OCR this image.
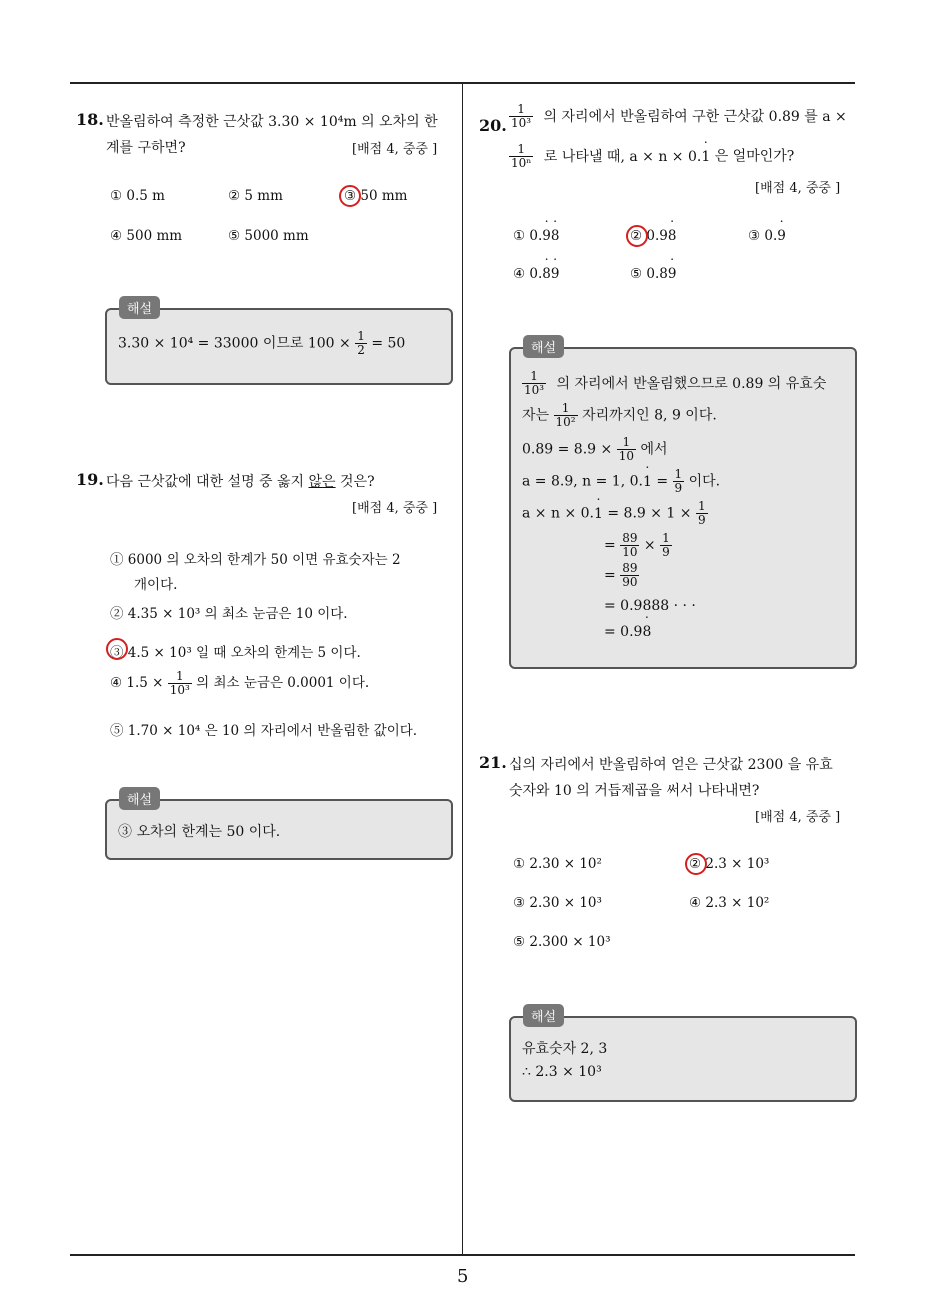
18. 반올림하여 측정한 근삿값 3.30 × 10⁴m 의 오차의 한
계를 구하면?	[배점 4, 중중 ]
① 0.5 m	② 5 mm	③ 50 mm
④ 500 mm	⑤ 5000 mm
해설
3.30 × 10⁴ = 33000 이므로 $100 \times \frac{1}{2} = 50$
19. 다음 근삿값에 대한 설명 중 옳지 않은 것은?
[배점 4, 중중 ]
① 6000 의 오차의 한계가 50 이면 유효숫자는 2
개이다.
② 4.35 × 10³ 의 최소 눈금은 10 이다.
③ 4.5 × 10³ 일 때 오차의 한계는 5 이다.
④ $1.5 \times \frac{1}{\text{10³}}$ 의 최소 눈금은 0.0001 이다.
⑤ 1.70 × 10⁴ 은 10 의 자리에서 반올림한 값이다.
해설
③ 오차의 한계는 50 이다.
20. $\frac{1}{\text{10³}}$ 의 자리에서 반올림하여 구한 근삿값 0.89 를 a ×
$\frac{1}{\text{10ⁿ}}$ 로 나타낼 때, a × n × 0.˙ 1 은 얼마인가?
[배점 4, 중중 ]
① 0.˙ 9˙ 8	② 0.9˙ 8	③ 0.˙ 9
④ 0.˙ 8˙ 9	⑤ 0.8˙ 9
해설
$\frac{1}{\text{10³}}$ 의 자리에서 반올림했으므로 0.89 의 유효숫
자는 $\frac{1}{\text{10²}}$ 자리까지인 8, 9 이다.
$0.89 = 8.9 \times \frac{1}{10}$ 에서
a = 8.9, n = 1, 0.˙ $1 = \frac{1}{9}$ 이다.
a × n × 0.˙ $1 = 8.9 \times 1 \times \frac{1}{9}$
= $\frac{89}{10} \times \frac{1}{9}$
= $\frac{89}{90}$
= 0.9888 · · ·
= 0.9˙ 8
21. 십의 자리에서 반올림하여 얻은 근삿값 2300 을 유효
숫자와 10 의 거듭제곱을 써서 나타내면?
[배점 4, 중중 ]
① 2.30 × 10²	② 2.3 × 10³
③ 2.30 × 10³	④ 2.3 × 10²
⑤ 2.300 × 10³
해설
유효숫자 2, 3
∴ 2.3 × 10³
5
